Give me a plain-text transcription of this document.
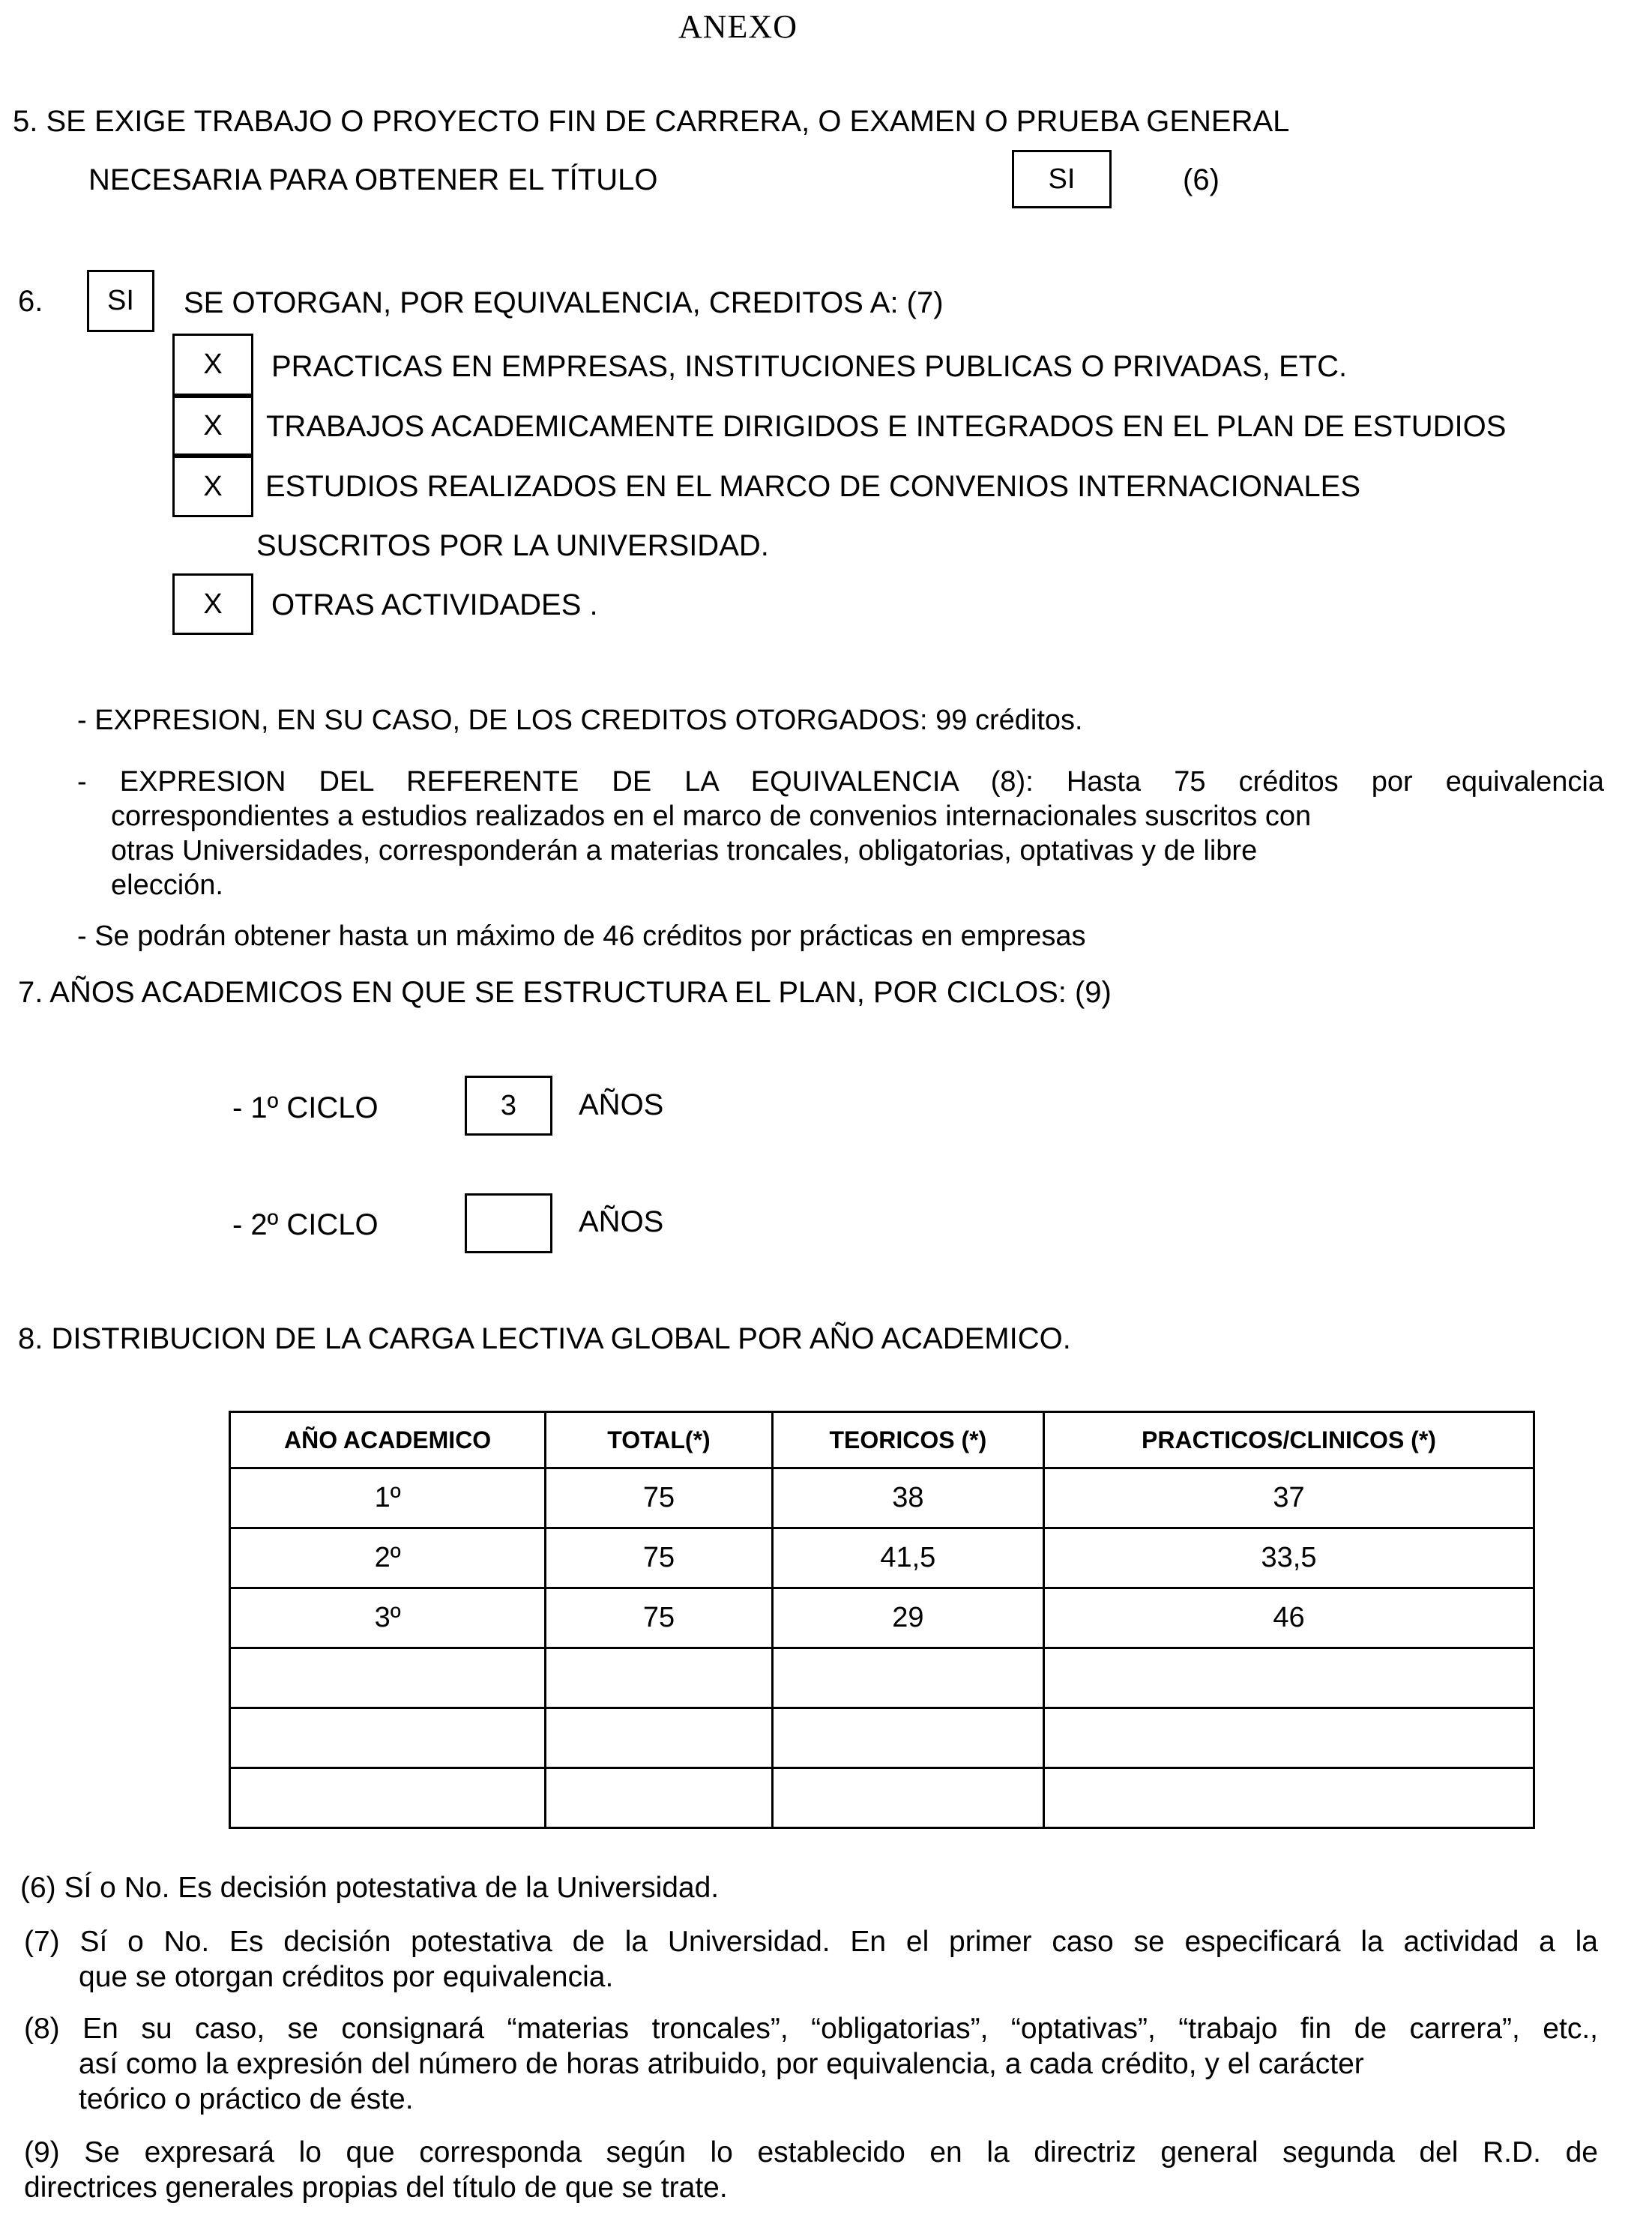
ANEXO
5. SE EXIGE TRABAJO O PROYECTO FIN DE CARRERA, O EXAMEN O PRUEBA GENERAL
NECESARIA PARA OBTENER EL TÍTULO	SI	(6)
6.	SI	SE OTORGAN, POR EQUIVALENCIA, CREDITOS A: (7)
X	PRACTICAS EN EMPRESAS, INSTITUCIONES PUBLICAS O PRIVADAS, ETC.
X	TRABAJOS ACADEMICAMENTE DIRIGIDOS E INTEGRADOS EN EL PLAN DE ESTUDIOS
X	ESTUDIOS REALIZADOS EN EL MARCO DE CONVENIOS INTERNACIONALES
SUSCRITOS POR LA UNIVERSIDAD.
X	OTRAS ACTIVIDADES .
- EXPRESION, EN SU CASO, DE LOS CREDITOS OTORGADOS: 99 créditos.
- EXPRESION DEL REFERENTE DE LA EQUIVALENCIA (8): Hasta 75 créditos por equivalencia
correspondientes a estudios realizados en el marco de convenios internacionales suscritos con
otras Universidades, corresponderán a materias troncales, obligatorias, optativas y de libre
elección.
- Se podrán obtener hasta un máximo de 46 créditos por prácticas en empresas
7. AÑOS ACADEMICOS EN QUE SE ESTRUCTURA EL PLAN, POR CICLOS: (9)
- 1º CICLO	3	AÑOS
- 2º CICLO	AÑOS
8. DISTRIBUCION DE LA CARGA LECTIVA GLOBAL POR AÑO ACADEMICO.
AÑO ACADEMICO	TOTAL(*)	TEORICOS (*)	PRACTICOS/CLINICOS (*)
1º	75	38	37
2º	75	41,5	33,5
3º	75	29	46

(6) SÍ o No. Es decisión potestativa de la Universidad.
(7) Sí o No. Es decisión potestativa de la Universidad. En el primer caso se especificará la actividad a la
que se otorgan créditos por equivalencia.
(8) En su caso, se consignará “materias troncales”, “obligatorias”, “optativas”, “trabajo fin de carrera”, etc.,
así como la expresión del número de horas atribuido, por equivalencia, a cada crédito, y el carácter
teórico o práctico de éste.
(9) Se expresará lo que corresponda según lo establecido en la directriz general segunda del R.D. de
directrices generales propias del título de que se trate.
